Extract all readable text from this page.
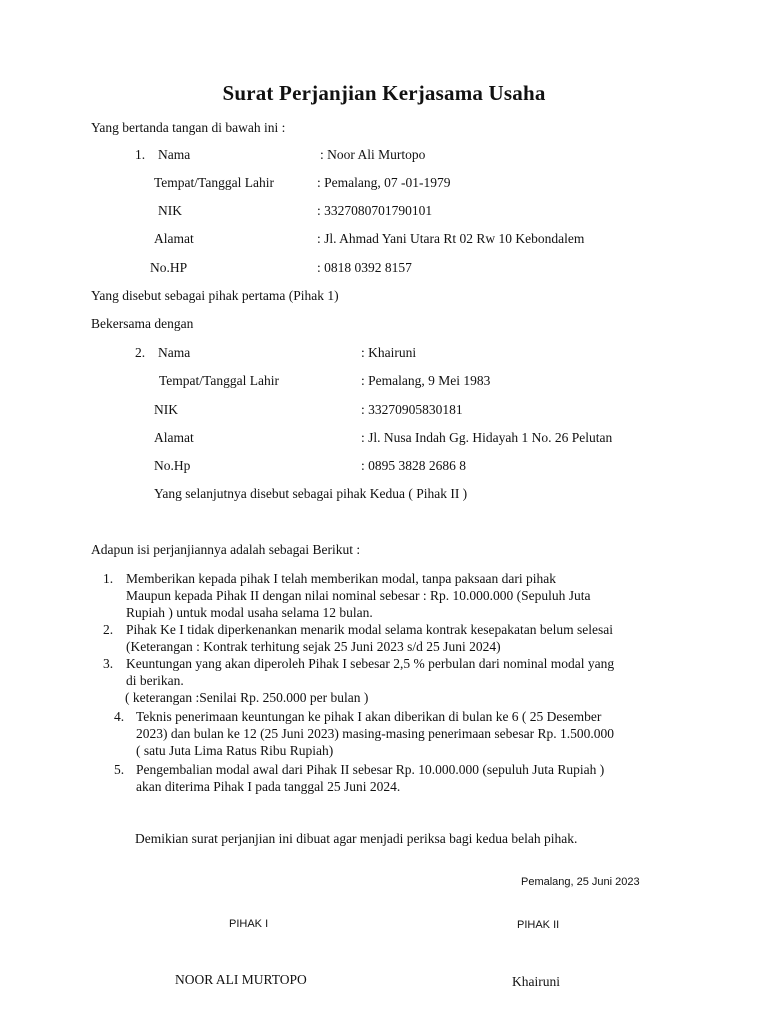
Surat Perjanjian Kerjasama Usaha
Yang bertanda tangan di bawah ini :
1. Nama	: Noor Ali Murtopo
Tempat/Tanggal Lahir	: Pemalang, 07 -01-1979
NIK	: 3327080701790101
Alamat	: Jl. Ahmad Yani Utara Rt 02 Rw 10 Kebondalem
No.HP	: 0818 0392 8157
Yang disebut sebagai pihak pertama (Pihak 1)
Bekersama dengan
2. Nama	: Khairuni
Tempat/Tanggal Lahir	: Pemalang, 9 Mei 1983
NIK	: 33270905830181
Alamat	: Jl. Nusa Indah Gg. Hidayah 1 No. 26 Pelutan
No.Hp	: 0895 3828 2686 8
Yang selanjutnya disebut sebagai pihak Kedua ( Pihak II )
Adapun isi perjanjiannya adalah sebagai Berikut :
1. Memberikan kepada pihak I telah memberikan modal, tanpa paksaan dari pihak
Maupun kepada Pihak II dengan nilai nominal sebesar : Rp. 10.000.000 (Sepuluh Juta
Rupiah ) untuk modal usaha selama 12 bulan.
2. Pihak Ke I tidak diperkenankan menarik modal selama kontrak kesepakatan belum selesai
(Keterangan : Kontrak terhitung sejak 25 Juni 2023 s/d 25 Juni 2024)
3. Keuntungan yang akan diperoleh Pihak I sebesar 2,5 % perbulan dari nominal modal yang
di berikan.
( keterangan :Senilai Rp. 250.000 per bulan )
4. Teknis penerimaan keuntungan ke pihak I akan diberikan di bulan ke 6 ( 25 Desember
2023) dan bulan ke 12 (25 Juni 2023) masing-masing penerimaan sebesar Rp. 1.500.000
( satu Juta Lima Ratus Ribu Rupiah)
5. Pengembalian modal awal dari Pihak II sebesar Rp. 10.000.000 (sepuluh Juta Rupiah )
akan diterima Pihak I pada tanggal 25 Juni 2024.
Demikian surat perjanjian ini dibuat agar menjadi periksa bagi kedua belah pihak.
Pemalang, 25 Juni 2023
PIHAK I	PIHAK II
NOOR ALI MURTOPO	Khairuni
